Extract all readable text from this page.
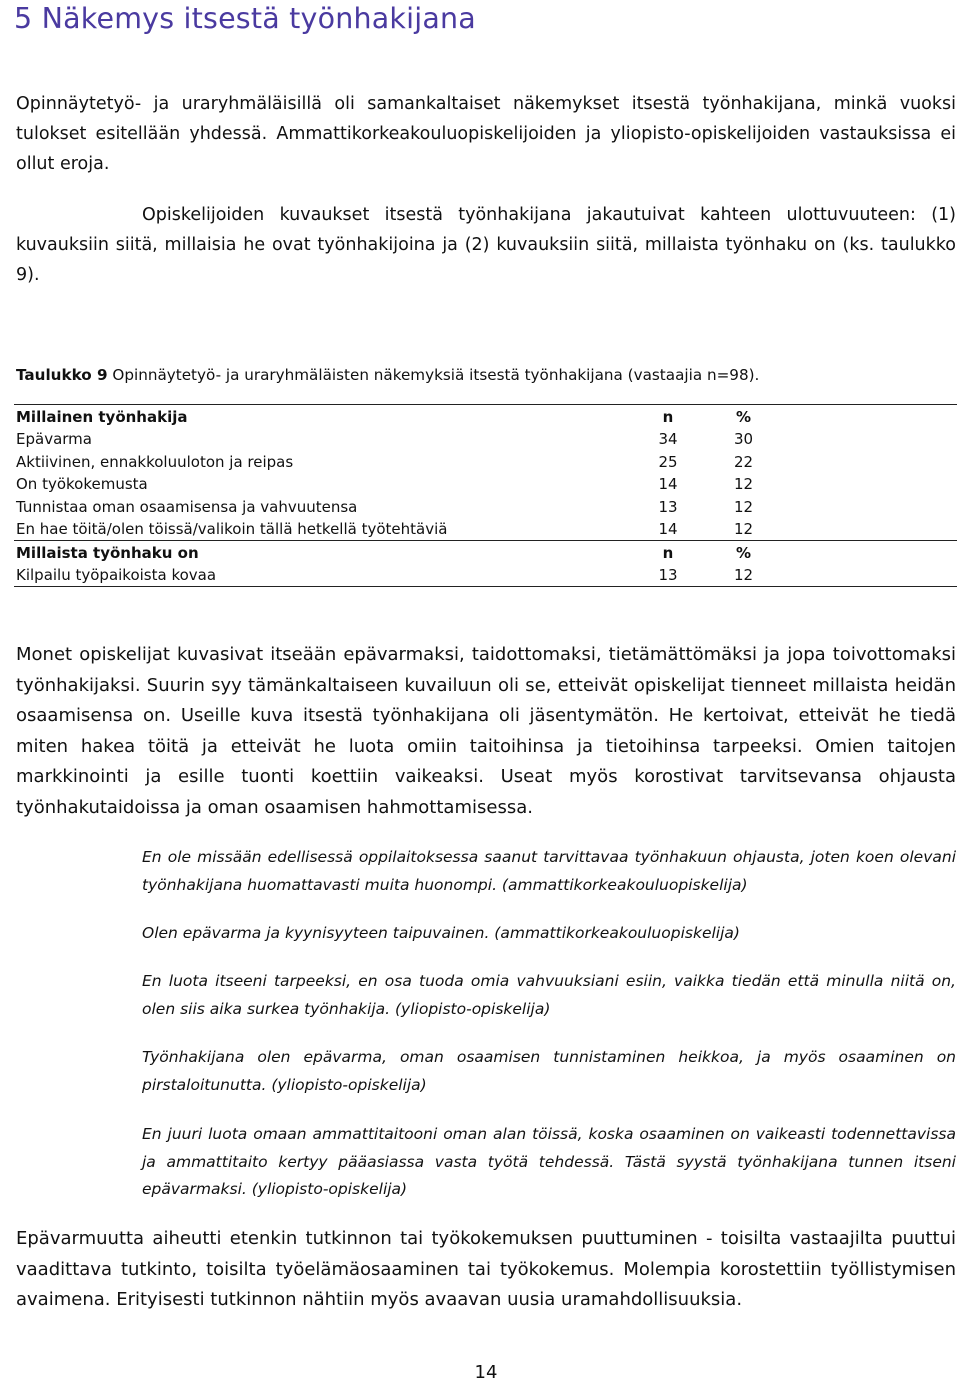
5 Näkemys itsestä työnhakijana

Opinnäytetyö- ja uraryhmäläisillä oli samankaltaiset näkemykset itsestä työnhakijana, minkä vuoksi tulokset esitellään yhdessä. Ammattikorkeakouluopiskelijoiden ja yliopisto-opiskelijoiden vastauksissa ei ollut eroja.

Opiskelijoiden kuvaukset itsestä työnhakijana jakautuivat kahteen ulottuvuuteen: (1) kuvauksiin siitä, millaisia he ovat työnhakijoina ja (2) kuvauksiin siitä, millaista työnhaku on (ks. taulukko 9).

Taulukko 9 Opinnäytetyö- ja uraryhmäläisten näkemyksiä itsestä työnhakijana (vastaajia n=98).

Millainen työnhakija	n	%
Epävarma	34	30
Aktiivinen, ennakkoluuloton ja reipas	25	22
On työkokemusta	14	12
Tunnistaa oman osaamisensa ja vahvuutensa	13	12
En hae töitä/olen töissä/valikoin tällä hetkellä työtehtäviä	14	12
Millaista työnhaku on	n	%
Kilpailu työpaikoista kovaa	13	12

Monet opiskelijat kuvasivat itseään epävarmaksi, taidottomaksi, tietämättömäksi ja jopa toivottomaksi työnhakijaksi. Suurin syy tämänkaltaiseen kuvailuun oli se, etteivät opiskelijat tienneet millaista heidän osaamisensa on. Useille kuva itsestä työnhakijana oli jäsentymätön. He kertoivat, etteivät he tiedä miten hakea töitä ja etteivät he luota omiin taitoihinsa ja tietoihinsa tarpeeksi. Omien taitojen markkinointi ja esille tuonti koettiin vaikeaksi. Useat myös korostivat tarvitsevansa ohjausta työnhakutaidoissa ja oman osaamisen hahmottamisessa.

En ole missään edellisessä oppilaitoksessa saanut tarvittavaa työnhakuun ohjausta, joten koen olevani työnhakijana huomattavasti muita huonompi. (ammattikorkeakouluopiskelija)

Olen epävarma ja kyynisyyteen taipuvainen. (ammattikorkeakouluopiskelija)

En luota itseeni tarpeeksi, en osa tuoda omia vahvuuksiani esiin, vaikka tiedän että minulla niitä on, olen siis aika surkea työnhakija. (yliopisto-opiskelija)

Työnhakijana olen epävarma, oman osaamisen tunnistaminen heikkoa, ja myös osaaminen on pirstaloitunutta. (yliopisto-opiskelija)

En juuri luota omaan ammattitaitooni oman alan töissä, koska osaaminen on vaikeasti todennettavissa ja ammattitaito kertyy pääasiassa vasta työtä tehdessä. Tästä syystä työnhakijana tunnen itseni epävarmaksi. (yliopisto-opiskelija)

Epävarmuutta aiheutti etenkin tutkinnon tai työkokemuksen puuttuminen - toisilta vastaajilta puuttui vaadittava tutkinto, toisilta työelämäosaaminen tai työkokemus. Molempia korostettiin työllistymisen avaimena. Erityisesti tutkinnon nähtiin myös avaavan uusia uramahdollisuuksia.

14
